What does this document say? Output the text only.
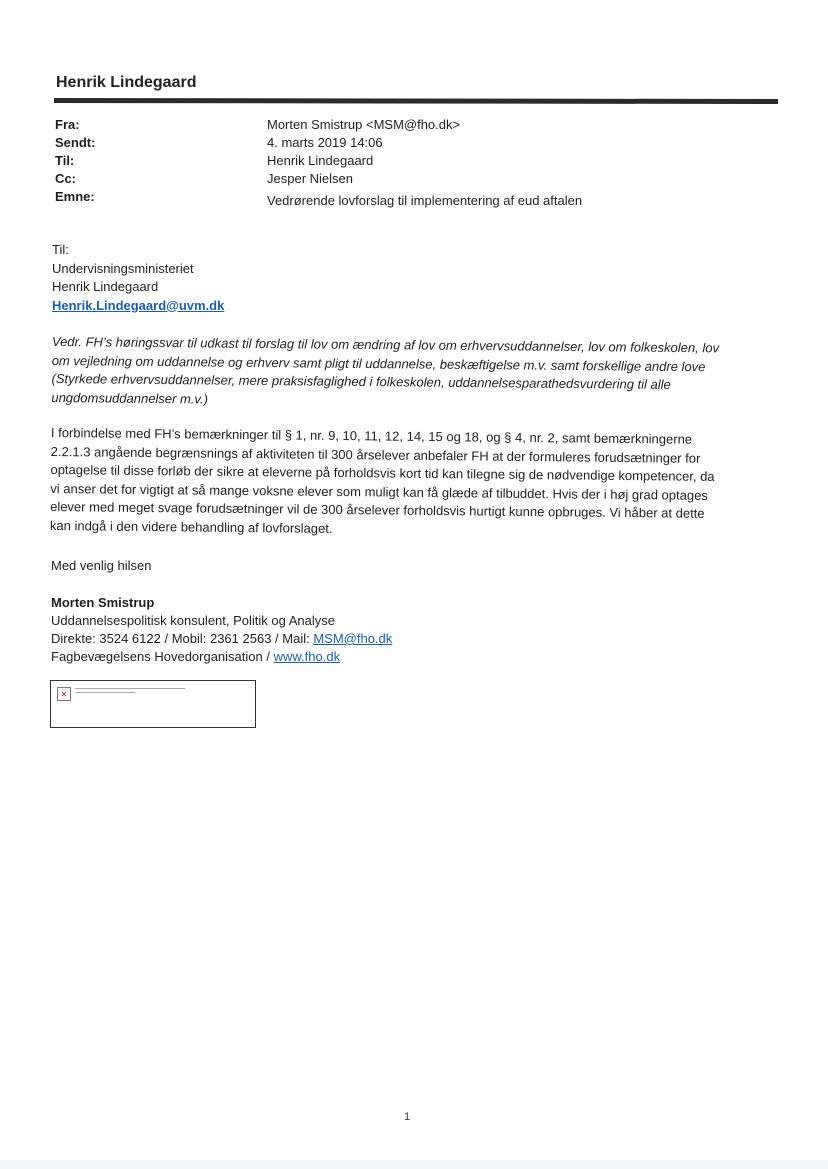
Henrik Lindegaard
Fra:	Morten Smistrup <MSM@fho.dk>
Sendt:	4. marts 2019 14:06
Til:	Henrik Lindegaard
Cc:	Jesper Nielsen
Emne:	Vedrørende lovforslag til implementering af eud aftalen
Til:
Undervisningsministeriet
Henrik Lindegaard
Henrik.Lindegaard@uvm.dk
Vedr. FH’s høringssvar til udkast til forslag til lov om ændring af lov om erhvervsuddannelser, lov om folkeskolen, lov
om vejledning om uddannelse og erhverv samt pligt til uddannelse, beskæftigelse m.v. samt forskellige andre love
(Styrkede erhvervsuddannelser, mere praksisfaglighed i folkeskolen, uddannelsesparathedsvurdering til alle
ungdomsuddannelser m.v.)
I forbindelse med FH’s bemærkninger til § 1, nr. 9, 10, 11, 12, 14, 15 og 18, og § 4, nr. 2, samt bemærkningerne
2.2.1.3 angående begrænsnings af aktiviteten til 300 årselever anbefaler FH at der formuleres forudsætninger for
optagelse til disse forløb der sikre at eleverne på forholdsvis kort tid kan tilegne sig de nødvendige kompetencer, da
vi anser det for vigtigt at så mange voksne elever som muligt kan få glæde af tilbuddet. Hvis der i høj grad optages
elever med meget svage forudsætninger vil de 300 årselever forholdsvis hurtigt kunne opbruges. Vi håber at dette
kan indgå i den videre behandling af lovforslaget.
Med venlig hilsen
Morten Smistrup
Uddannelsespolitisk konsulent, Politik og Analyse
Direkte: 3524 6122 / Mobil: 2361 2563 / Mail: MSM@fho.dk
Fagbevægelsens Hovedorganisation / www.fho.dk
×
1
